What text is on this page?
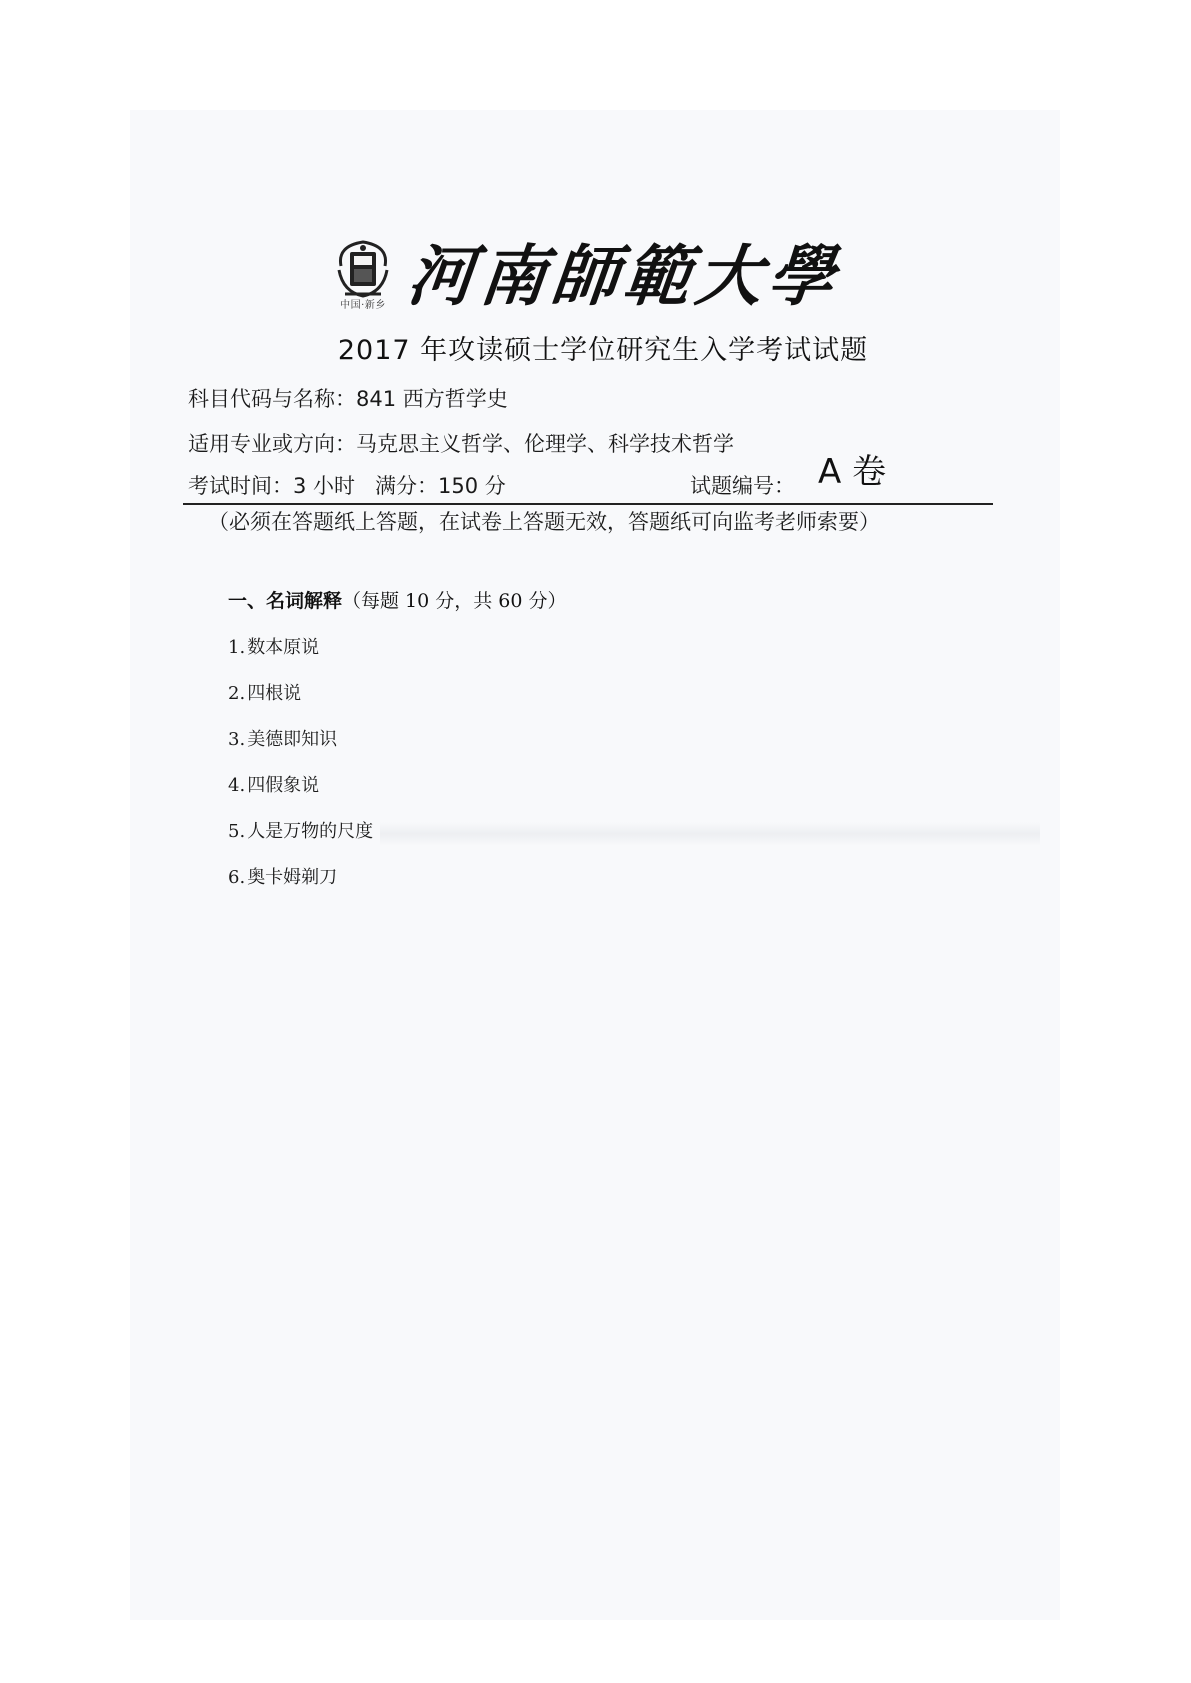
中国·新乡 河南師範大學
2017 年攻读硕士学位研究生入学考试试题
科目代码与名称：841 西方哲学史
适用专业或方向：马克思主义哲学、伦理学、科学技术哲学
考试时间：3 小时 满分：150 分	试题编号： A 卷
（必须在答题纸上答题，在试卷上答题无效，答题纸可向监考老师索要）
一、名词解释（每题 10 分，共 60 分）
1. 数本原说
2. 四根说
3. 美德即知识
4. 四假象说
5. 人是万物的尺度
6. 奥卡姆剃刀
